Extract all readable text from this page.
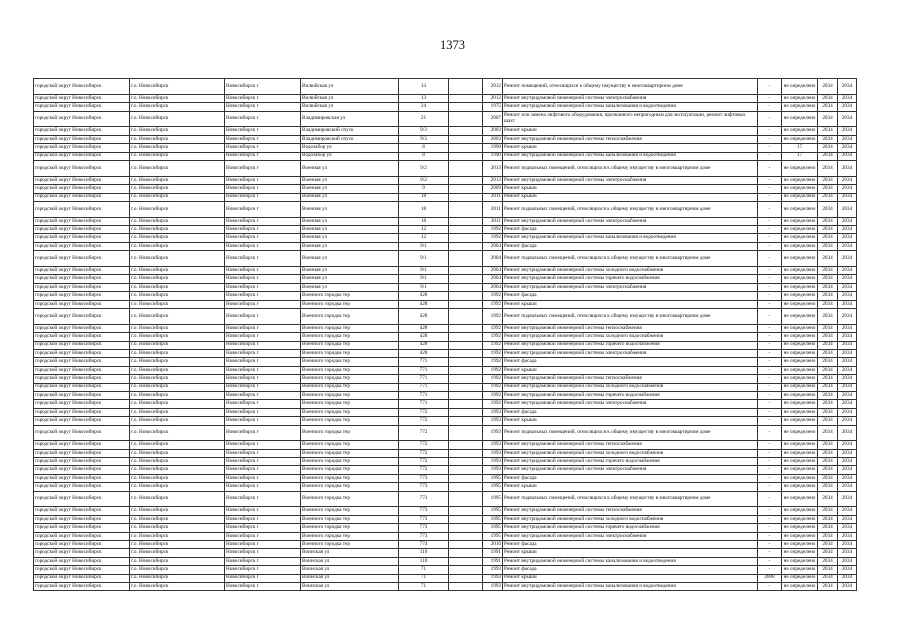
1373
городской округ Новосибирск	г.о. Новосибирск	Новосибирск г	Вилюйская ул	13		2012	Ремонт помещений, относящихся к общему имуществу в многоквартирном доме	-	не определено	2034	2034
городской округ Новосибирск	г.о. Новосибирск	Новосибирск г	Вилюйская ул	13		2012	Ремонт внутридомовой инженерной системы электроснабжения	-	не определено	2034	2034
городской округ Новосибирск	г.о. Новосибирск	Новосибирск г	Вилюйская ул	24		1975	Ремонт внутридомовой инженерной системы канализования и водоотведения	-	не определено	2034	2034
городской округ Новосибирск	г.о. Новосибирск	Новосибирск г	Владимировская ул	21		2007	Ремонт или замена лифтового оборудования, признанного непригодным для эксплуатации, ремонт лифтовых шахт	-	не определено	2034	2034
городской округ Новосибирск	г.о. Новосибирск	Новосибирск г	Владимировский спуск	9/3		2003	Ремонт крыши	-	не определено	2034	2034
городской округ Новосибирск	г.о. Новосибирск	Новосибирск г	Владимировский спуск	9/3		2003	Ремонт внутридомовой инженерной системы теплоснабжения	-	не определено	2034	2034
городской округ Новосибирск	г.о. Новосибирск	Новосибирск г	Водозабор ул	8		1990	Ремонт крыши	-	17	2034	2034
городской округ Новосибирск	г.о. Новосибирск	Новосибирск г	Водозабор ул	8		1990	Ремонт внутридомовой инженерной системы канализования и водоотведения	-	17	2034	2034
городской округ Новосибирск	г.о. Новосибирск	Новосибирск г	Военная ул	9/2		2013	Ремонт подвальных помещений, относящихся к общему имуществу в многоквартирном доме	-	не определено	2034	2034
городской округ Новосибирск	г.о. Новосибирск	Новосибирск г	Военная ул	9/2		2013	Ремонт внутридомовой инженерной системы электроснабжения	-	не определено	2034	2034
городской округ Новосибирск	г.о. Новосибирск	Новосибирск г	Военная ул	9		2009	Ремонт крыши	-	не определено	2034	2034
городской округ Новосибирск	г.о. Новосибирск	Новосибирск г	Военная ул	18		2011	Ремонт крыши	-	не определено	2034	2034
городской округ Новосибирск	г.о. Новосибирск	Новосибирск г	Военная ул	18		2011	Ремонт подвальных помещений, относящихся к общему имуществу в многоквартирном доме	-	не определено	2034	2034
городской округ Новосибирск	г.о. Новосибирск	Новосибирск г	Военная ул	18		2011	Ремонт внутридомовой инженерной системы электроснабжения	-	не определено	2034	2034
городской округ Новосибирск	г.о. Новосибирск	Новосибирск г	Военная ул	12		1992	Ремонт фасада	-	не определено	2034	2034
городской округ Новосибирск	г.о. Новосибирск	Новосибирск г	Военная ул	12		1992	Ремонт внутридомовой инженерной системы канализования и водоотведения	-	не определено	2034	2034
городской округ Новосибирск	г.о. Новосибирск	Новосибирск г	Военная ул	9/1		2004	Ремонт фасада	-	не определено	2034	2034
городской округ Новосибирск	г.о. Новосибирск	Новосибирск г	Военная ул	9/1		2004	Ремонт подвальных помещений, относящихся к общему имуществу в многоквартирном доме	-	не определено	2034	2034
городской округ Новосибирск	г.о. Новосибирск	Новосибирск г	Военная ул	9/1		2004	Ремонт внутридомовой инженерной системы холодного водоснабжения	-	не определено	2034	2034
городской округ Новосибирск	г.о. Новосибирск	Новосибирск г	Военная ул	9/1		2004	Ремонт внутридомовой инженерной системы горячего водоснабжения	-	не определено	2034	2034
городской округ Новосибирск	г.о. Новосибирск	Новосибирск г	Военная ул	9/1		2004	Ремонт внутридомовой инженерной системы электроснабжения	-	не определено	2034	2034
городской округ Новосибирск	г.о. Новосибирск	Новосибирск г	Военного городка тер	428		1992	Ремонт фасада	-	не определено	2034	2034
городской округ Новосибирск	г.о. Новосибирск	Новосибирск г	Военного городка тер	428		1992	Ремонт крыши	-	не определено	2034	2034
городской округ Новосибирск	г.о. Новосибирск	Новосибирск г	Военного городка тер	428		1992	Ремонт подвальных помещений, относящихся к общему имуществу в многоквартирном доме	-	не определено	2034	2034
городской округ Новосибирск	г.о. Новосибирск	Новосибирск г	Военного городка тер	428		1992	Ремонт внутридомовой инженерной системы теплоснабжения	-	не определено	2034	2034
городской округ Новосибирск	г.о. Новосибирск	Новосибирск г	Военного городка тер	428		1992	Ремонт внутридомовой инженерной системы холодного водоснабжения	-	не определено	2034	2034
городской округ Новосибирск	г.о. Новосибирск	Новосибирск г	Военного городка тер	428		1992	Ремонт внутридомовой инженерной системы горячего водоснабжения	-	не определено	2034	2034
городской округ Новосибирск	г.о. Новосибирск	Новосибирск г	Военного городка тер	428		1992	Ремонт внутридомовой инженерной системы электроснабжения	-	не определено	2034	2034
городской округ Новосибирск	г.о. Новосибирск	Новосибирск г	Военного городка тер	771		1992	Ремонт фасада	-	не определено	2034	2034
городской округ Новосибирск	г.о. Новосибирск	Новосибирск г	Военного городка тер	771		1992	Ремонт крыши	-	не определено	2034	2034
городской округ Новосибирск	г.о. Новосибирск	Новосибирск г	Военного городка тер	771		1992	Ремонт внутридомовой инженерной системы теплоснабжения	-	не определено	2034	2034
городской округ Новосибирск	г.о. Новосибирск	Новосибирск г	Военного городка тер	771		1992	Ремонт внутридомовой инженерной системы холодного водоснабжения	-	не определено	2034	2034
городской округ Новосибирск	г.о. Новосибирск	Новосибирск г	Военного городка тер	771		1992	Ремонт внутридомовой инженерной системы горячего водоснабжения	-	не определено	2034	2034
городской округ Новосибирск	г.о. Новосибирск	Новосибирск г	Военного городка тер	771		1992	Ремонт внутридомовой инженерной системы электроснабжения	-	не определено	2034	2034
городской округ Новосибирск	г.о. Новосибирск	Новосибирск г	Военного городка тер	772		1993	Ремонт фасада	-	не определено	2034	2034
городской округ Новосибирск	г.о. Новосибирск	Новосибирск г	Военного городка тер	772		1993	Ремонт крыши	-	не определено	2034	2034
городской округ Новосибирск	г.о. Новосибирск	Новосибирск г	Военного городка тер	772		1993	Ремонт подвальных помещений, относящихся к общему имуществу в многоквартирном доме	-	не определено	2034	2034
городской округ Новосибирск	г.о. Новосибирск	Новосибирск г	Военного городка тер	772		1993	Ремонт внутридомовой инженерной системы теплоснабжения	-	не определено	2034	2034
городской округ Новосибирск	г.о. Новосибирск	Новосибирск г	Военного городка тер	772		1993	Ремонт внутридомовой инженерной системы холодного водоснабжения	-	не определено	2034	2034
городской округ Новосибирск	г.о. Новосибирск	Новосибирск г	Военного городка тер	772		1993	Ремонт внутридомовой инженерной системы горячего водоснабжения	-	не определено	2034	2034
городской округ Новосибирск	г.о. Новосибирск	Новосибирск г	Военного городка тер	772		1993	Ремонт внутридомовой инженерной системы электроснабжения	-	не определено	2034	2034
городской округ Новосибирск	г.о. Новосибирск	Новосибирск г	Военного городка тер	773		1995	Ремонт фасада	-	не определено	2034	2034
городской округ Новосибирск	г.о. Новосибирск	Новосибирск г	Военного городка тер	773		1995	Ремонт крыши	-	не определено	2034	2034
городской округ Новосибирск	г.о. Новосибирск	Новосибирск г	Военного городка тер	773		1995	Ремонт подвальных помещений, относящихся к общему имуществу в многоквартирном доме	-	не определено	2034	2034
городской округ Новосибирск	г.о. Новосибирск	Новосибирск г	Военного городка тер	773		1995	Ремонт внутридомовой инженерной системы теплоснабжения	-	не определено	2034	2034
городской округ Новосибирск	г.о. Новосибирск	Новосибирск г	Военного городка тер	773		1995	Ремонт внутридомовой инженерной системы холодного водоснабжения	-	не определено	2034	2034
городской округ Новосибирск	г.о. Новосибирск	Новосибирск г	Военного городка тер	773		1995	Ремонт внутридомовой инженерной системы горячего водоснабжения	-	не определено	2034	2034
городской округ Новосибирск	г.о. Новосибирск	Новосибирск г	Военного городка тер	773		1995	Ремонт внутридомовой инженерной системы электроснабжения	-	не определено	2034	2034
городской округ Новосибирск	г.о. Новосибирск	Новосибирск г	Военного городка тер	774		2016	Ремонт фасада	-	не определено	2034	2034
городской округ Новосибирск	г.о. Новосибирск	Новосибирск г	Воинская ул	110		1991	Ремонт крыши	-	не определено	2034	2034
городской округ Новосибирск	г.о. Новосибирск	Новосибирск г	Воинская ул	110		1991	Ремонт внутридомовой инженерной системы канализования и водоотведения	-	не определено	2034	2034
городской округ Новосибирск	г.о. Новосибирск	Новосибирск г	Воинская ул	71		1993	Ремонт фасада	-	не определено	2034	2034
городской округ Новосибирск	г.о. Новосибирск	Новосибирск г	Воинская ул	71		1993	Ремонт крыши	2008	не определено	2034	2034
городской округ Новосибирск	г.о. Новосибирск	Новосибирск г	Воинская ул	71		1993	Ремонт внутридомовой инженерной системы канализования и водоотведения	-	не определено	2034	2034
